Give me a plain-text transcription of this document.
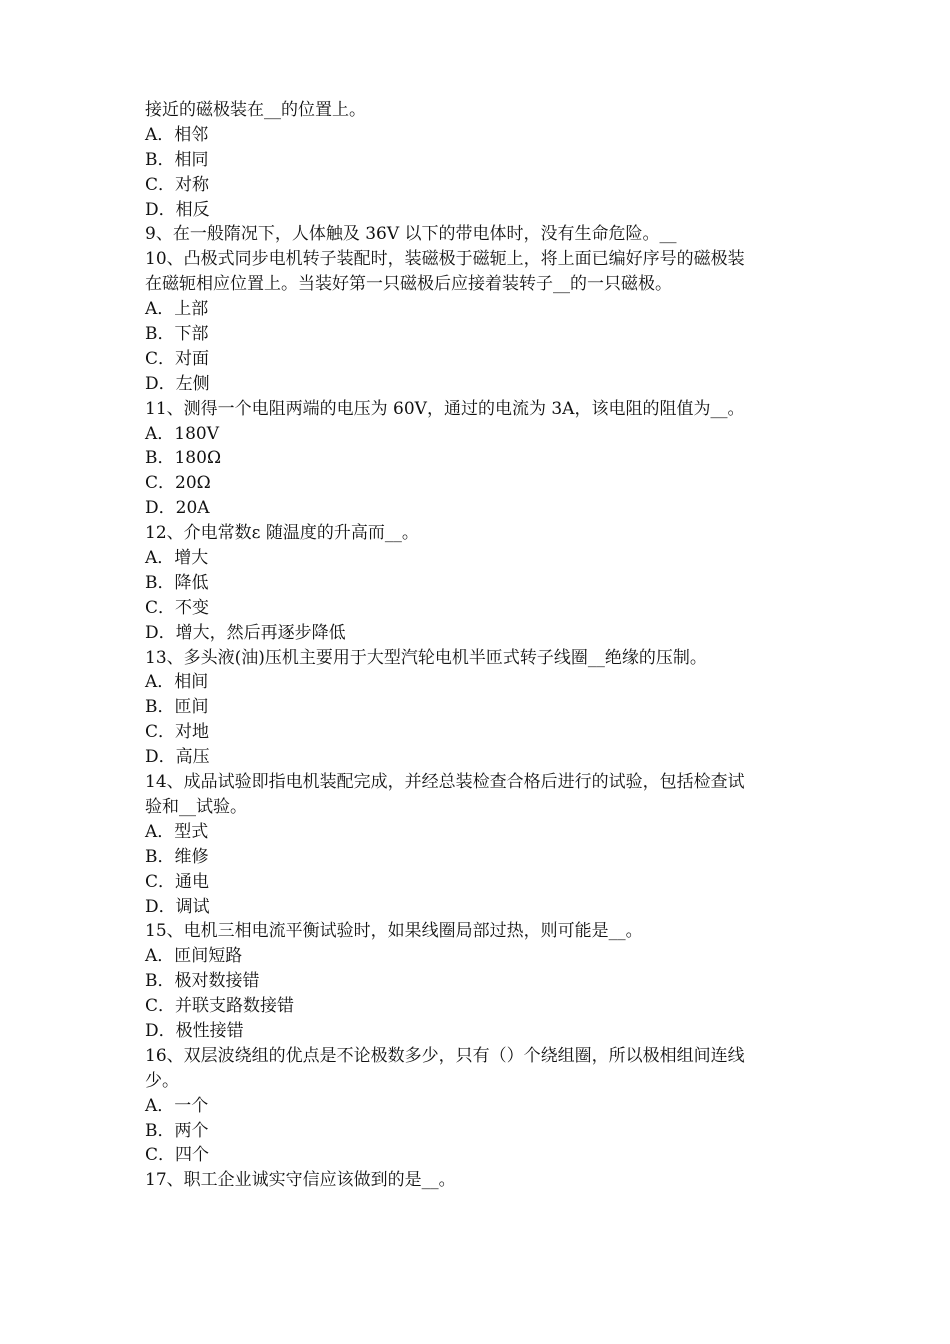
接近的磁极装在__的位置上。
A．相邻
B．相同
C．对称
D．相反
9、在一般隋况下，人体触及 36V 以下的带电体时，没有生命危险。__
10、凸极式同步电机转子装配时，装磁极于磁轭上，将上面已编好序号的磁极装
在磁轭相应位置上。当装好第一只磁极后应接着装转子__的一只磁极。
A．上部
B．下部
C．对面
D．左侧
11、测得一个电阻两端的电压为 60V，通过的电流为 3A，该电阻的阻值为__。
A．180V
B．180Ω
C．20Ω
D．20A
12、介电常数ε 随温度的升高而__。
A．增大
B．降低
C．不变
D．增大，然后再逐步降低
13、多头液(油)压机主要用于大型汽轮电机半匝式转子线圈__绝缘的压制。
A．相间
B．匝间
C．对地
D．高压
14、成品试验即指电机装配完成，并经总装检查合格后进行的试验，包括检查试
验和__试验。
A．型式
B．维修
C．通电
D．调试
15、电机三相电流平衡试验时，如果线圈局部过热，则可能是__。
A．匝间短路
B．极对数接错
C．并联支路数接错
D．极性接错
16、双层波绕组的优点是不论极数多少，只有（）个绕组圈，所以极相组间连线
少。
A．一个
B．两个
C．四个
17、职工企业诚实守信应该做到的是__。
